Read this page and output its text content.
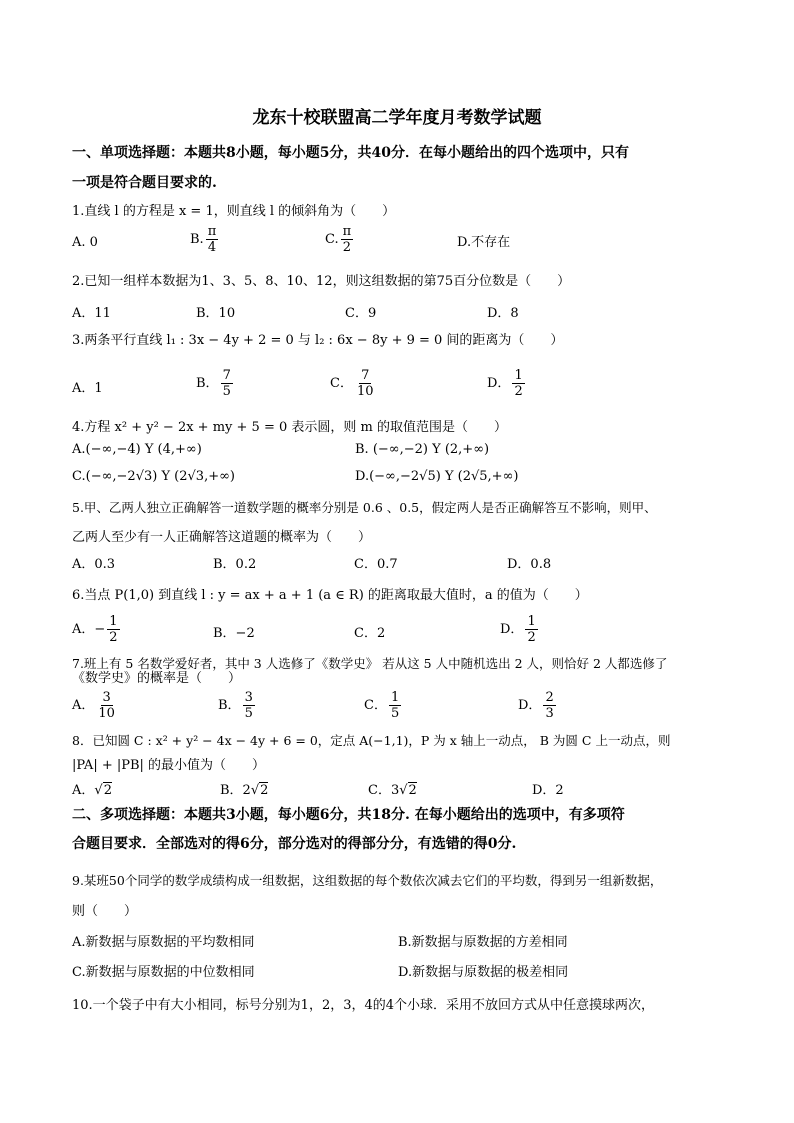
龙东十校联盟高二学年度月考数学试题
一、单项选择题：本题共8小题，每小题5分，共40分．在每小题给出的四个选项中，只有
一项是符合题目要求的.
1.直线 l 的方程是 x = 1，则直线 l 的倾斜角为（　　）
A. 0	B. $\frac{\pi}{4}$	C. $\frac{\pi}{2}$	D.不存在
2.已知一组样本数据为1、3、5、8、10、12，则这组数据的第75百分位数是（　　）
A．11	B．10	C．9	D．8
3.两条平行直线 l₁ : 3x − 4y + 2 = 0 与 l₂ : 6x − 8y + 9 = 0 间的距离为（　　）
A．1	B． $\frac{7}{5}$	C． $\frac{7}{10}$	D． $\frac{1}{2}$
4.方程 x² + y² − 2x + my + 5 = 0 表示圆，则 m 的取值范围是（　　）
A.(−∞,−4) Y (4,+∞)	B. (−∞,−2) Y (2,+∞)
C.(−∞,−2√3) Y (2√3,+∞)	D.(−∞,−2√5) Y (2√5,+∞)
5.甲、乙两人独立正确解答一道数学题的概率分别是 0.6 、0.5，假定两人是否正确解答互不影响，则甲、
乙两人至少有一人正确解答这道题的概率为（　　）
A．0.3	B．0.2	C．0.7	D．0.8
6.当点 P(1,0) 到直线 l : y = ax + a + 1 (a ∈ R) 的距离取最大值时，a 的值为（　　）
A．− $\frac{1}{2}$	B．−2	C．2	D． $\frac{1}{2}$
7.班上有 5 名数学爱好者，其中 3 人选修了《数学史》 若从这 5 人中随机选出 2 人，则恰好 2 人都选修了
《数学史》的概率是（　　）
A． $\frac{3}{10}$	B． $\frac{3}{5}$	C． $\frac{1}{5}$	D． $\frac{2}{3}$
8．已知圆 C : x² + y² − 4x − 4y + 6 = 0，定点 A(−1,1)，P 为 x 轴上一动点， B 为圆 C 上一动点，则
|PA| + |PB| 的最小值为（　　）
A．√2	B．2√2	C．3√2	D．2
二、多项选择题：本题共3小题，每小题6分，共18分. 在每小题给出的选项中，有多项符
合题目要求．全部选对的得6分，部分选对的得部分分，有选错的得0分.
9.某班50个同学的数学成绩构成一组数据，这组数据的每个数依次减去它们的平均数，得到另一组新数据，
则（　　）
A.新数据与原数据的平均数相同	B.新数据与原数据的方差相同
C.新数据与原数据的中位数相同	D.新数据与原数据的极差相同
10.一个袋子中有大小相同，标号分别为1，2，3，4的4个小球．采用不放回方式从中任意摸球两次，
